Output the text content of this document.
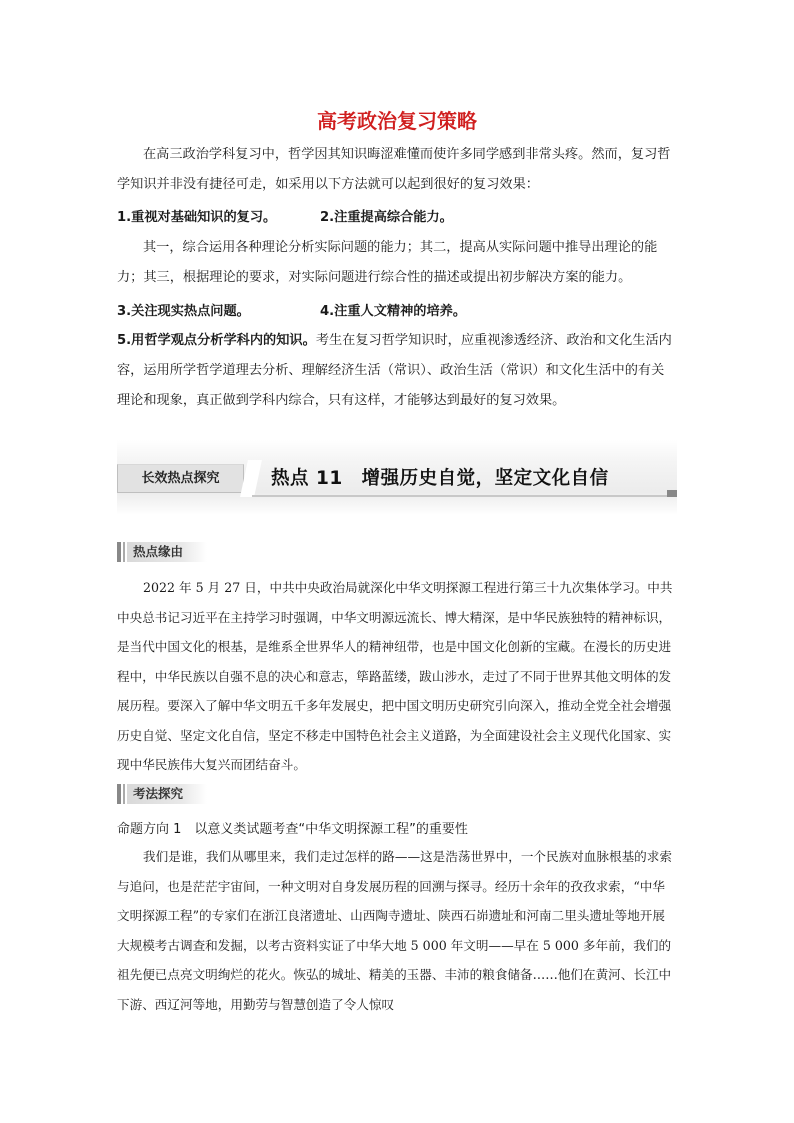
高考政治复习策略

在高三政治学科复习中，哲学因其知识晦涩难懂而使许多同学感到非常头疼。然而，复习哲学知识并非没有捷径可走，如采用以下方法就可以起到很好的复习效果：

1.重视对基础知识的复习。	2.注重提高综合能力。

其一，综合运用各种理论分析实际问题的能力；其二，提高从实际问题中推导出理论的能力；其三，根据理论的要求，对实际问题进行综合性的描述或提出初步解决方案的能力。

3.关注现实热点问题。	4.注重人文精神的培养。

5.用哲学观点分析学科内的知识。考生在复习哲学知识时，应重视渗透经济、政治和文化生活内容，运用所学哲学道理去分析、理解经济生活（常识）、政治生活（常识）和文化生活中的有关理论和现象，真正做到学科内综合，只有这样，才能够达到最好的复习效果。

长效热点探究	热点 11　增强历史自觉，坚定文化自信
热点缘由

2022 年 5 月 27 日，中共中央政治局就深化中华文明探源工程进行第三十九次集体学习。中共中央总书记习近平在主持学习时强调，中华文明源远流长、博大精深，是中华民族独特的精神标识，是当代中国文化的根基，是维系全世界华人的精神纽带，也是中国文化创新的宝藏。在漫长的历史进程中，中华民族以自强不息的决心和意志，筚路蓝缕，跋山涉水，走过了不同于世界其他文明体的发展历程。要深入了解中华文明五千多年发展史，把中国文明历史研究引向深入，推动全党全社会增强历史自觉、坚定文化自信，坚定不移走中国特色社会主义道路，为全面建设社会主义现代化国家、实现中华民族伟大复兴而团结奋斗。

考法探究
命题方向 1　以意义类试题考查“中华文明探源工程”的重要性

我们是谁，我们从哪里来，我们走过怎样的路——这是浩荡世界中，一个民族对血脉根基的求索与追问，也是茫茫宇宙间，一种文明对自身发展历程的回溯与探寻。经历十余年的孜孜求索，“中华文明探源工程”的专家们在浙江良渚遗址、山西陶寺遗址、陕西石峁遗址和河南二里头遗址等地开展大规模考古调查和发掘，以考古资料实证了中华大地 5 000 年文明——早在 5 000 多年前，我们的祖先便已点亮文明绚烂的花火。恢弘的城址、精美的玉器、丰沛的粮食储备……他们在黄河、长江中下游、西辽河等地，用勤劳与智慧创造了令人惊叹
